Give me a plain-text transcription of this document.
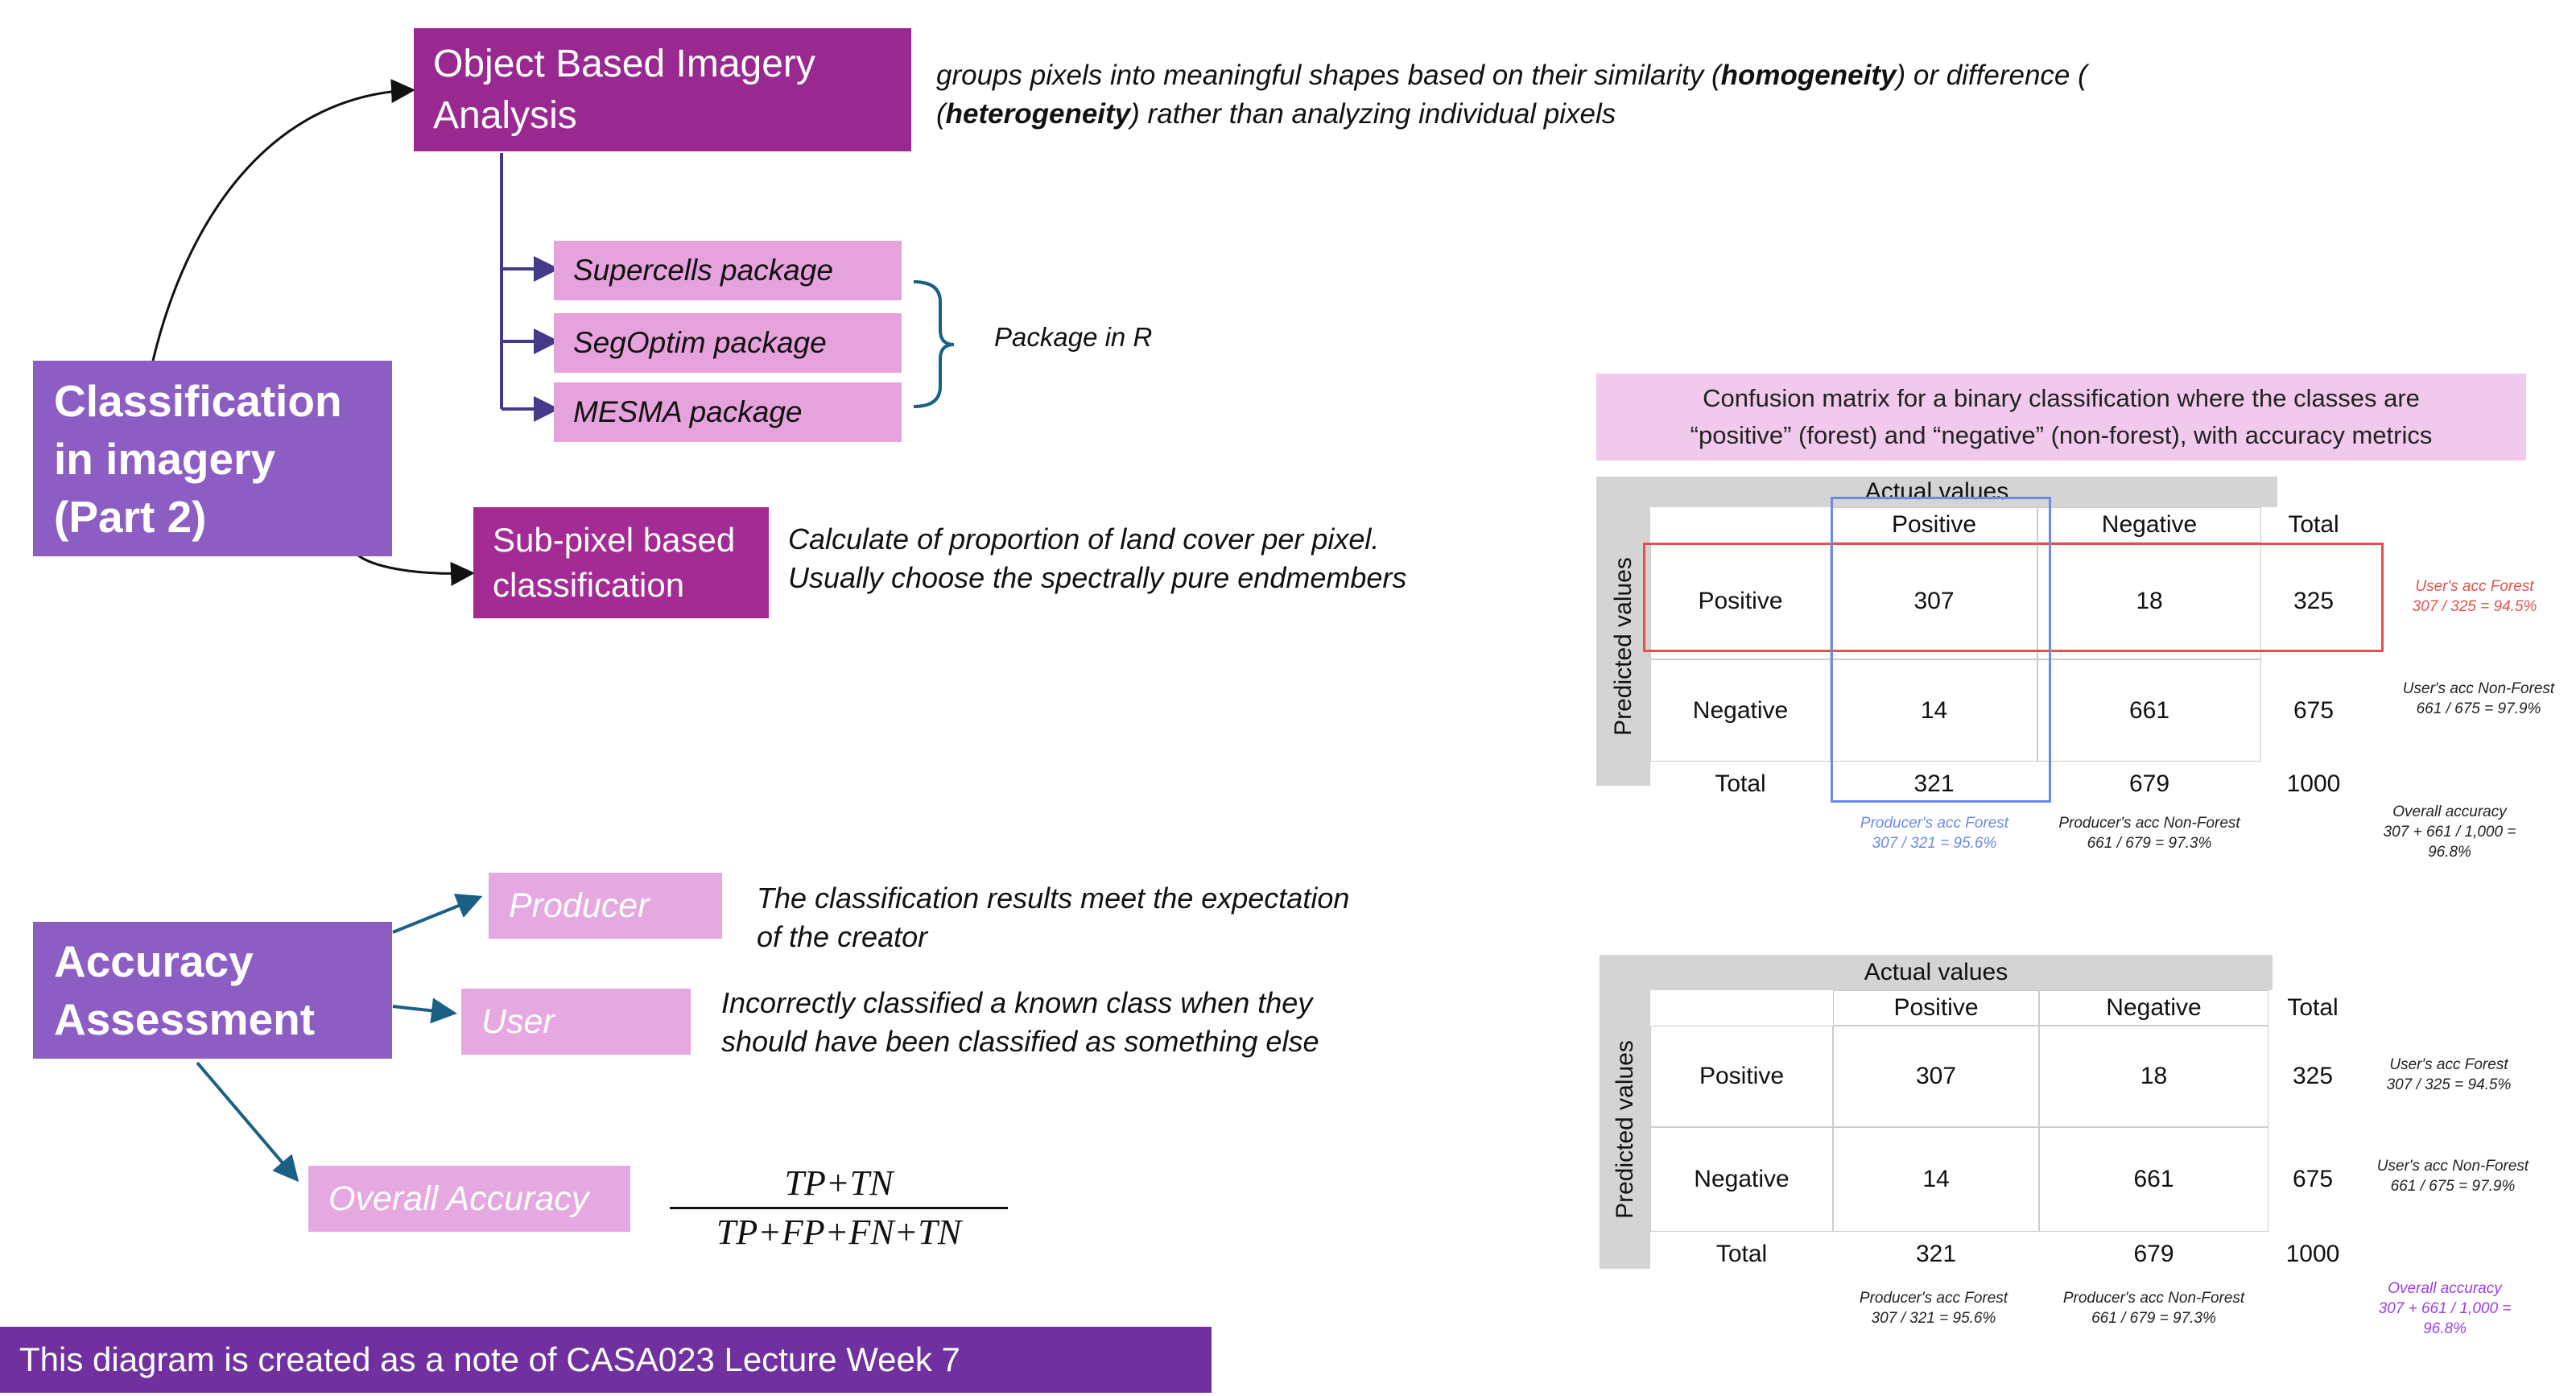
Object Based Imagery Analysis
groups pixels into meaningful shapes based on their similarity (homogeneity) or difference (
(heterogeneity) rather than analyzing individual pixels
Supercells package
SegOptim package
MESMA package
Package in R
Classification in imagery (Part 2)	Sub-pixel based classification
Calculate of proportion of land cover per pixel.
Usually choose the spectrally pure endmembers
Accuracy Assessment
Producer	The classification results meet the expectation
of the creator
User	Incorrectly classified a known class when they
should have been classified as something else
Overall Accuracy	TP+TN
TP+FP+FN+TN
This diagram is created as a note of CASA023 Lecture Week 7
Confusion matrix for a binary classification where the classes are
“positive” (forest) and “negative” (non-forest), with accuracy metrics
Actual values
Predicted values
Positive	Negative	Total
Positive	307	18	325
Negative	14	661	675
Total	321	679	1000
User's acc Forest
307 / 325 = 94.5%
User's acc Non-Forest
661 / 675 = 97.9%
Producer's acc Forest
307 / 321 = 95.6%
Producer's acc Non-Forest
661 / 679 = 97.3%
Overall accuracy
307 + 661 / 1,000 =
96.8%
Actual values
Predicted values
Positive	Negative	Total
Positive	307	18	325
Negative	14	661	675
Total	321	679	1000
User's acc Forest
307 / 325 = 94.5%
User's acc Non-Forest
661 / 675 = 97.9%
Producer's acc Forest
307 / 321 = 95.6%
Producer's acc Non-Forest
661 / 679 = 97.3%
Overall accuracy
307 + 661 / 1,000 =
96.8%
